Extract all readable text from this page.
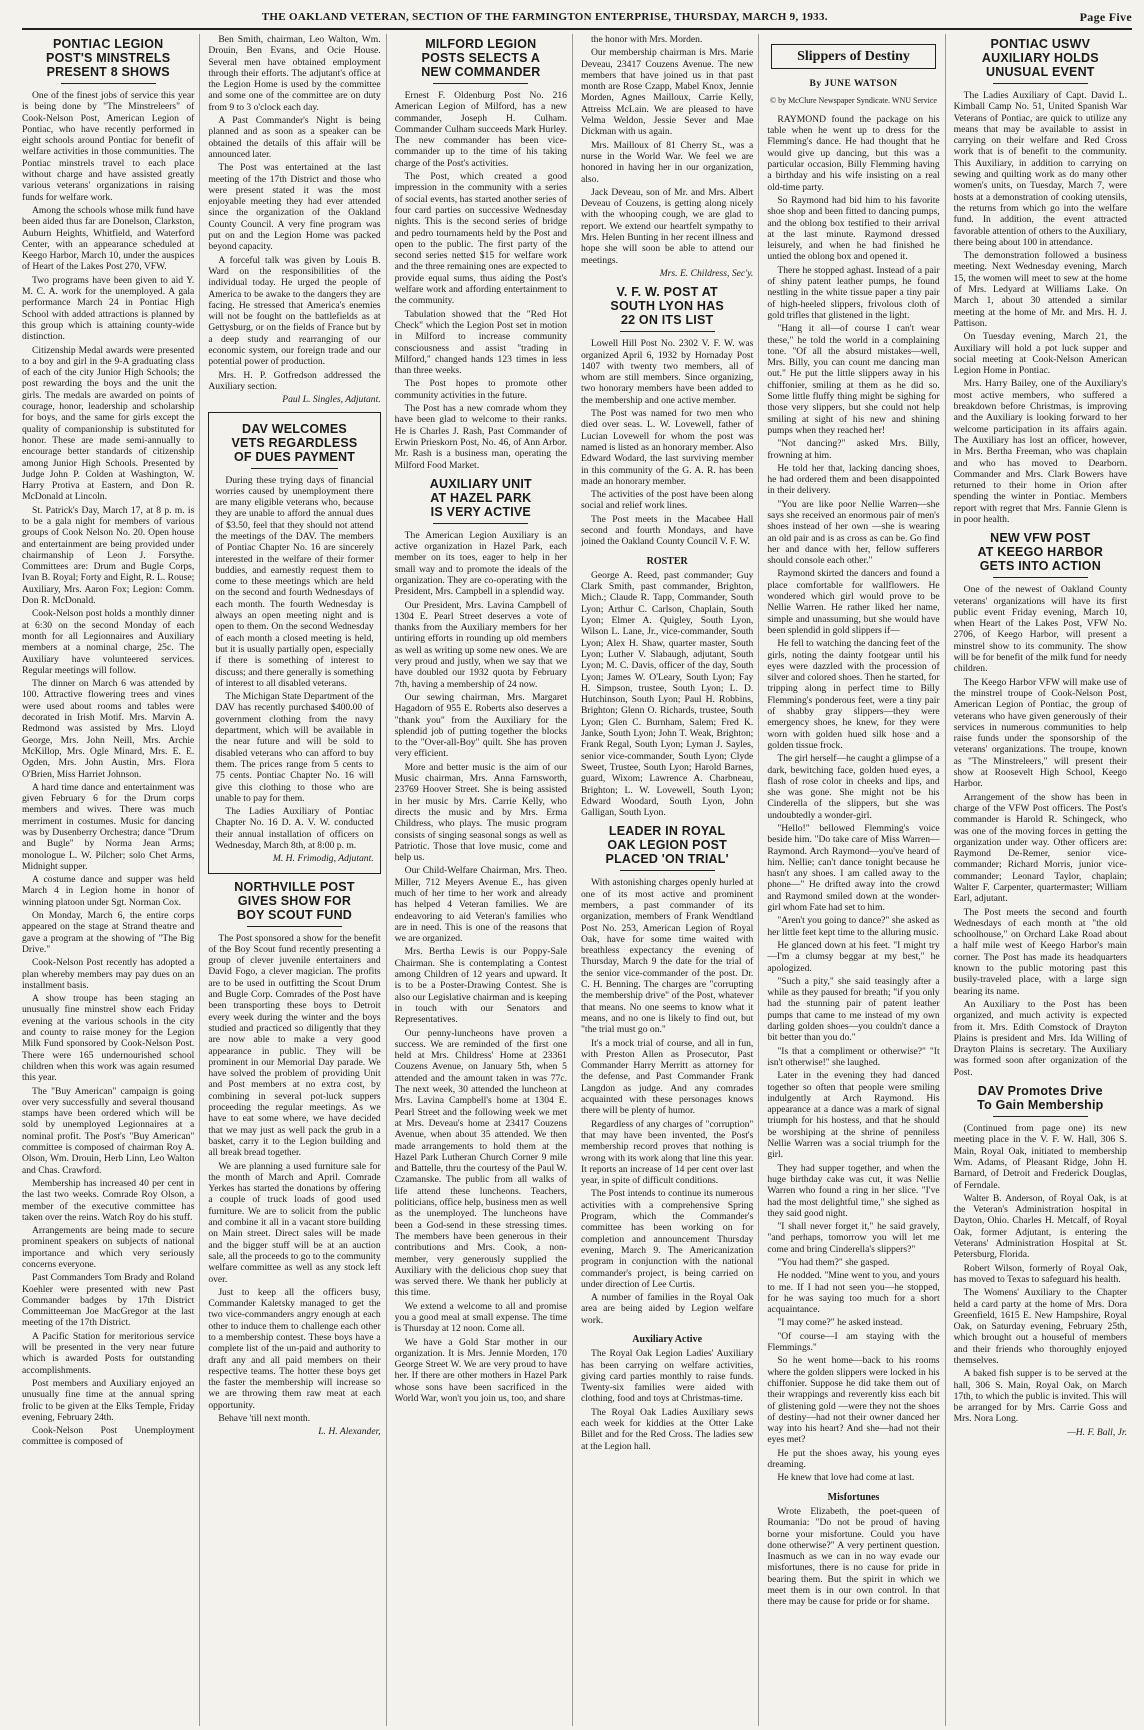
THE OAKLAND VETERAN, SECTION OF THE FARMINGTON ENTERPRISE, THURSDAY, MARCH 9, 1933.	Page Five
PONTIAC LEGION
POST'S MINSTRELS
PRESENT 8 SHOWS

One of the finest jobs of service this year is being done by "The Minstreleers" of Cook-Nelson Post, American Legion of Pontiac, who have recently performed in eight schools around Pontiac for benefit of welfare activities in those communities. The Pontiac minstrels travel to each place without charge and have assisted greatly various veterans' organizations in raising funds for welfare work.

Among the schools whose milk fund have been aided thus far are Donelson, Clarkston, Auburn Heights, Whitfield, and Waterford Center, with an appearance scheduled at Keego Harbor, March 10, under the auspices of Heart of the Lakes Post 270, VFW.

Two programs have been given to aid Y. M. C. A. work for the unemployed. A gala performance March 24 in Pontiac High School with added attractions is planned by this group which is attaining county-wide distinction.

Citizenship Medal awards were presented to a boy and girl in the 9-A graduating class of each of the city Junior High Schools; the post rewarding the boys and the unit the girls. The medals are awarded on points of courage, honor, leadership and scholarship for boys, and the same for girls except the quality of companionship is substituted for honor. These are made semi-annually to encourage better standards of citizenship among Junior High Schools. Presented by Judge John P. Colden at Washington, W. Harry Protiva at Eastern, and Don R. McDonald at Lincoln.

St. Patrick's Day, March 17, at 8 p. m. is to be a gala night for members of various groups of Cook Nelson No. 20. Open house and entertainment are being provided under chairmanship of Leon J. Forsythe. Committees are: Drum and Bugle Corps, Ivan B. Royal; Forty and Eight, R. L. Rouse; Auxiliary, Mrs. Aaron Fox; Legion: Comm. Don R. McDonald.

Cook-Nelson post holds a monthly dinner at 6:30 on the second Monday of each month for all Legionnaires and Auxiliary members at a nominal charge, 25c. The Auxiliary have volunteered services. Regular meetings will follow.

The dinner on March 6 was attended by 100. Attractive flowering trees and vines were used about rooms and tables were decorated in Irish Motif. Mrs. Marvin A. Redmond was assisted by Mrs. Lloyd George, Mrs. John Neill, Mrs. Archie McKillop, Mrs. Ogle Minard, Mrs. E. E. Ogden, Mrs. John Austin, Mrs. Flora O'Brien, Miss Harriet Johnson.

A hard time dance and entertainment was given February 6 for the Drum corps members and wives. There was much merriment in costumes. Music for dancing was by Dusenberry Orchestra; dance "Drum and Bugle" by Norma Jean Arms; monologue L. W. Pilcher; solo Chet Arms, Midnight supper.

A costume dance and supper was held March 4 in Legion home in honor of winning platoon under Sgt. Norman Cox.

On Monday, March 6, the entire corps appeared on the stage at Strand theatre and gave a program at the showing of "The Big Drive."

Cook-Nelson Post recently has adopted a plan whereby members may pay dues on an installment basis.

A show troupe has been staging an unusually fine minstrel show each Friday evening at the various schools in the city and county to raise money for the Legion Milk Fund sponsored by Cook-Nelson Post. There were 165 undernourished school children when this work was again resumed this year.

The "Buy American" campaign is going over very successfully and several thousand stamps have been ordered which will be sold by unemployed Legionnaires at a nominal profit. The Post's "Buy American" committee is composed of chairman Roy A. Olson, Wm. Drouin, Herb Linn, Leo Walton and Chas. Crawford.

Membership has increased 40 per cent in the last two weeks. Comrade Roy Olson, a member of the executive committee has taken over the reins. Watch Roy do his stuff.

Arrangements are being made to secure prominent speakers on subjects of national importance and which very seriously concerns everyone.

Past Commanders Tom Brady and Roland Koehler were presented with new Past Commander badges by 17th District Committeeman Joe MacGregor at the last meeting of the 17th District.

A Pacific Station for meritorious service will be presented in the very near future which is awarded Posts for outstanding accomplishments.

Post members and Auxiliary enjoyed an unusually fine time at the annual spring frolic to be given at the Elks Temple, Friday evening, February 24th.

Cook-Nelson Post Unemployment committee is composed of

Ben Smith, chairman, Leo Walton, Wm. Drouin, Ben Evans, and Ocie House. Several men have obtained employment through their efforts. The adjutant's office at the Legion Home is used by the committee and some one of the committee are on duty from 9 to 3 o'clock each day.

A Past Commander's Night is being planned and as soon as a speaker can be obtained the details of this affair will be announced later.

The Post was entertained at the last meeting of the 17th District and those who were present stated it was the most enjoyable meeting they had ever attended since the organization of the Oakland County Council. A very fine program was put on and the Legion Home was packed beyond capacity.

A forceful talk was given by Louis B. Ward on the responsibilities of the individual today. He urged the people of America to be awake to the dangers they are facing. He stressed that America's enemies will not be fought on the battlefields as at Gettysburg, or on the fields of France but by a deep study and rearranging of our economic system, our foreign trade and our potential power of production.

Mrs. H. P. Gotfredson addressed the Auxiliary section.

Paul L. Singles, Adjutant.
DAV WELCOMES
VETS REGARDLESS
OF DUES PAYMENT

During these trying days of financial worries caused by unemployment there are many eligible veterans who, because they are unable to afford the annual dues of $3.50, feel that they should not attend the meetings of the DAV. The members of Pontiac Chapter No. 16 are sincerely interested in the welfare of their former buddies, and earnestly request them to come to these meetings which are held on the second and fourth Wednesdays of each month. The fourth Wednesday is always an open meeting night and is open to them. On the second Wednesday of each month a closed meeting is held, but it is usually partially open, especially if there is something of interest to discuss; and there generally is something of interest to all disabled veterans.

The Michigan State Department of the DAV has recently purchased $400.00 of government clothing from the navy department, which will be available in the near future and will be sold to disabled veterans who can afford to buy them. The prices range from 5 cents to 75 cents. Pontiac Chapter No. 16 will give this clothing to those who are unable to pay for them.

The Ladies Auxiliary of Pontiac Chapter No. 16 D. A. V. W. conducted their annual installation of officers on Wednesday, March 8th, at 8:00 p. m.

M. H. Frimodig, Adjutant.
NORTHVILLE POST
GIVES SHOW FOR
BOY SCOUT FUND

The Post sponsored a show for the benefit of the Boy Scout fund recently presenting a group of clever juvenile entertainers and David Fogo, a clever magician. The profits are to be used in outfitting the Scout Drum and Bugle Corp. Comrades of the Post have been transporting these boys to Detroit every week during the winter and the boys studied and practiced so diligently that they are now able to make a very good appearance in public. They will be prominent in our Memorial Day parade. We have solved the problem of providing Unit and Post members at no extra cost, by combining in several pot-luck suppers proceeding the regular meetings. As we have to eat some where, we have decided that we may just as well pack the grub in a basket, carry it to the Legion building and all break bread together.

We are planning a used furniture sale for the month of March and April. Comrade Yerkes has started the donations by offering a couple of truck loads of good used furniture. We are to solicit from the public and combine it all in a vacant store building on Main street. Direct sales will be made and the bigger stuff will be at an auction sale, all the proceeds to go to the community welfare committee as well as any stock left over.

Just to keep all the officers busy, Commander Kaletsky managed to get the two vice-commanders angry enough at each other to induce them to challenge each other to a membership contest. These boys have a complete list of the un-paid and authority to draft any and all paid members on their respective teams. The hotter these boys get the faster the membership will increase so we are throwing them raw meat at each opportunity.

Behave 'till next month.

L. H. Alexander,
MILFORD LEGION
POSTS SELECTS A
NEW COMMANDER

Ernest F. Oldenburg Post No. 216 American Legion of Milford, has a new commander, Joseph H. Culham. Commander Culham succeeds Mark Hurley. The new commander has been vice-commander up to the time of his taking charge of the Post's activities.

The Post, which created a good impression in the community with a series of social events, has started another series of four card parties on successive Wednesday nights. This is the second series of bridge and pedro tournaments held by the Post and open to the public. The first party of the second series netted $15 for welfare work and the three remaining ones are expected to provide equal sums, thus aiding the Post's welfare work and affording entertainment to the community.

Tabulation showed that the "Red Hot Check" which the Legion Post set in motion in Milford to increase community consciousness and assist "trading in Milford," changed hands 123 times in less than three weeks.

The Post hopes to promote other community activities in the future.

The Post has a new comrade whom they have been glad to welcome to their ranks. He is Charles J. Rash, Past Commander of Erwin Prieskorn Post, No. 46, of Ann Arbor. Mr. Rash is a business man, operating the Milford Food Market.

AUXILIARY UNIT
AT HAZEL PARK
IS VERY ACTIVE

The American Legion Auxiliary is an active organization in Hazel Park, each member on its toes, eager to help in her small way and to promote the ideals of the organization. They are co-operating with the President, Mrs. Campbell in a splendid way.

Our President, Mrs. Lavina Campbell of 1304 E. Pearl Street deserves a vote of thanks from the Auxiliary members for her untiring efforts in rounding up old members as well as writing up some new ones. We are very proud and justly, when we say that we have doubled our 1932 quota by February 7th, having a membership of 24 now.

Our sewing chairman, Mrs. Margaret Hagadorn of 955 E. Roberts also deserves a "thank you" from the Auxiliary for the splendid job of putting together the blocks to the "Over-all-Boy" quilt. She has proven very efficient.

More and better music is the aim of our Music chairman, Mrs. Anna Farnsworth, 23769 Hoover Street. She is being assisted in her music by Mrs. Carrie Kelly, who directs the music and by Mrs. Erma Childress, who plays. The music program consists of singing seasonal songs as well as Patriotic. Those that love music, come and help us.

Our Child-Welfare Chairman, Mrs. Theo. Miller, 712 Meyers Avenue E., has given much of her time to her work and already has helped 4 Veteran families. We are endeavoring to aid Veteran's families who are in need. This is one of the reasons that we are organized.

Mrs. Bertha Lewis is our Poppy-Sale Chairman. She is contemplating a Contest among Children of 12 years and upward. It is to be a Poster-Drawing Contest. She is also our Legislative chairman and is keeping in touch with our Senators and Representatives.

Our penny-luncheons have proven a success. We are reminded of the first one held at Mrs. Childress' Home at 23361 Couzens Avenue, on January 5th, when 5 attended and the amount taken in was 77c. The next week, 30 attended the luncheon at Mrs. Lavina Campbell's home at 1304 E. Pearl Street and the following week we met at Mrs. Deveau's home at 23417 Couzens Avenue, when about 35 attended. We then made arrangements to hold them at the Hazel Park Lutheran Church Corner 9 mile and Battelle, thru the courtesy of the Paul W. Czamanske. The public from all walks of life attend these luncheons. Teachers, politicians, office help, business men as well as the unemployed. The luncheons have been a God-send in these stressing times. The members have been generous in their contributions and Mrs. Cook, a non-member, very generously supplied the Auxiliary with the delicious chop suey that was served there. We thank her publicly at this time.

We extend a welcome to all and promise you a good meal at small expense. The time is Thursday at 12 noon. Come all.

We have a Gold Star mother in our organization. It is Mrs. Jennie Morden, 170 George Street W. We are very proud to have her. If there are other mothers in Hazel Park whose sons have been sacrificed in the World War, won't you join us, too, and share

the honor with Mrs. Morden.

Our membership chairman is Mrs. Marie Deveau, 23417 Couzens Avenue. The new members that have joined us in that past month are Rose Czapp, Mabel Knox, Jennie Morden, Agnes Mailloux, Carrie Kelly, Attreiss McLain. We are pleased to have Velma Weldon, Jessie Sever and Mae Dickman with us again.

Mrs. Mailloux of 81 Cherry St., was a nurse in the World War. We feel we are honored in having her in our organization, also.

Jack Deveau, son of Mr. and Mrs. Albert Deveau of Couzens, is getting along nicely with the whooping cough, we are glad to report. We extend our heartfelt sympathy to Mrs. Helen Bunting in her recent illness and hope she will soon be able to attend our meetings.

Mrs. E. Childress, Sec'y.
V. F. W. POST AT
SOUTH LYON HAS
22 ON ITS LIST

Lowell Hill Post No. 2302 V. F. W. was organized April 6, 1932 by Hornaday Post 1407 with twenty two members, all of whom are still members. Since organizing, two honorary members have been added to the membership and one active member.

The Post was named for two men who died over seas. L. W. Lovewell, father of Lucian Lovewell for whom the post was named is listed as an honorary member. Also Edward Wodard, the last surviving member in this community of the G. A. R. has been made an honorary member.

The activities of the post have been along social and relief work lines.

The Post meets in the Macabee Hall second and fourth Mondays, and have joined the Oakland County Council V. F. W.

ROSTER

George A. Reed, past commander; Guy Clark Smith, past commander, Brighton, Mich.; Claude R. Tapp, Commander, South Lyon; Arthur C. Carlson, Chaplain, South Lyon; Elmer A. Quigley, South Lyon, Wilson L. Lane, Jr., vice-commander, South Lyon; Alex H. Shaw, quarter master, South Lyon; Luther V. Slabaugh, adjutant, South Lyon; M. C. Davis, officer of the day, South Lyon; James W. O'Leary, South Lyon; Fay H. Simpson, trustee, South Lyon; L. D. Hutchinson, South Lyon; Paul H. Robbins, Brighton; Glenn O. Richards, trustee, South Lyon; Glen C. Burnham, Salem; Fred K. Janke, South Lyon; John T. Weak, Brighton; Frank Regal, South Lyon; Lyman J. Sayles, senior vice-commander, South Lyon; Clyde Sweet, Trustee, South Lyon; Harold Barnes, guard, Wixom; Lawrence A. Charbneau, Brighton; L. W. Lovewell, South Lyon; Edward Woodard, South Lyon, John Galligan, South Lyon.

LEADER IN ROYAL
OAK LEGION POST
PLACED 'ON TRIAL'

With astonishing charges openly hurled at one of its most active and prominent members, a past commander of its organization, members of Frank Wendtland Post No. 253, American Legion of Royal Oak, have for some time waited with breathless expectancy the evening of Thursday, March 9 the date for the trial of the senior vice-commander of the post. Dr. C. H. Benning. The charges are "corrupting the membership drive" of the Post, whatever that means. No one seems to know what it means, and no one is likely to find out, but "the trial must go on."

It's a mock trial of course, and all in fun, with Preston Allen as Prosecutor, Past Commander Harry Merritt as attorney for the defense, and Past Commander Frank Langdon as judge. And any comrades acquainted with these personages knows there will be plenty of humor.

Regardless of any charges of "corruption" that may have been invented, the Post's membership record proves that nothing is wrong with its work along that line this year. It reports an increase of 14 per cent over last year, in spite of difficult conditions.

The Post intends to continue its numerous activities with a comprehensive Spring Program, which the Commander's committee has been working on for completion and announcement Thursday evening, March 9. The Americanization program in conjunction with the national commander's project, is being carried on under direction of Lee Curtis.

A number of families in the Royal Oak area are being aided by Legion welfare work.

Auxiliary Active

The Royal Oak Legion Ladies' Auxiliary has been carrying on welfare activities, giving card parties monthly to raise funds. Twenty-six families were aided with clothing, food and toys at Christmas-time.

The Royal Oak Ladies Auxiliary sews each week for kiddies at the Otter Lake Billet and for the Red Cross. The ladies sew at the Legion hall.

Slippers of Destiny
By JUNE WATSON
© by McClure Newspaper Syndicate. WNU Service

RAYMOND found the package on his table when he went up to dress for the Flemming's dance. He had thought that he would give up dancing, but this was a particular occasion, Billy Flemming having a birthday and his wife insisting on a real old-time party.

So Raymond had bid him to his favorite shoe shop and been fitted to dancing pumps, and the oblong box testified to their arrival at the last minute. Raymond dressed leisurely, and when he had finished he untied the oblong box and opened it.

There he stopped aghast. Instead of a pair of shiny patent leather pumps, he found nestling in the white tissue paper a tiny pair of high-heeled slippers, frivolous cloth of gold trifles that glistened in the light.

"Hang it all—of course I can't wear these," he told the world in a complaining tone. "Of all the absurd mistakes—well, Mrs. Billy, you can count me dancing man out." He put the little slippers away in his chiffonier, smiling at them as he did so. Some little fluffy thing might be sighing for those very slippers, but she could not help smiling at sight of his new and shining pumps when they reached her!

"Not dancing?" asked Mrs. Billy, frowning at him.

He told her that, lacking dancing shoes, he had ordered them and been disappointed in their delivery.

"You are like poor Nellie Warren—she says she received an enormous pair of men's shoes instead of her own —she is wearing an old pair and is as cross as can be. Go find her and dance with her, fellow sufferers should console each other."

Raymond skirted the dancers and found a place comfortable for wallflowers. He wondered which girl would prove to be Nellie Warren. He rather liked her name, simple and unassuming, but she would have been splendid in gold slippers if—

He fell to watching the dancing feet of the girls, noting the dainty footgear until his eyes were dazzled with the procession of silver and colored shoes. Then he started, for tripping along in perfect time to Billy Flemming's ponderous feet, were a tiny pair of shabby gray slippers—they were emergency shoes, he knew, for they were worn with golden hued silk hose and a golden tissue frock.

The girl herself—he caught a glimpse of a dark, bewitching face, golden hued eyes, a flash of rose color in cheeks and lips, and she was gone. She might not be his Cinderella of the slippers, but she was undoubtedly a wonder-girl.

"Hello!" bellowed Flemming's voice beside him. "Do take care of Miss Warren—Raymond. Arch Raymond—you've heard of him. Nellie; can't dance tonight because he hasn't any shoes. I am called away to the phone—" He drifted away into the crowd and Raymond smiled down at the wonder-girl whom Fate had set to him.

"Aren't you going to dance?" she asked as her little feet kept time to the alluring music.

He glanced down at his feet. "I might try—I'm a clumsy beggar at my best," he apologized.

"Such a pity," she said teasingly after a while as they paused for breath; "if you only had the stunning pair of patent leather pumps that came to me instead of my own darling golden shoes—you couldn't dance a bit better than you do."

"Is that a compliment or otherwise?" "It isn't otherwise!" she laughed.

Later in the evening they had danced together so often that people were smiling indulgently at Arch Raymond. His appearance at a dance was a mark of signal triumph for his hostess, and that he should be worshiping at the shrine of penniless Nellie Warren was a social triumph for the girl.

They had supper together, and when the huge birthday cake was cut, it was Nellie Warren who found a ring in her slice. "I've had the most delightful time," she sighed as they said good night.

"I shall never forget it," he said gravely, "and perhaps, tomorrow you will let me come and bring Cinderella's slippers?"

"You had them?" she gasped.

He nodded. "Mine went to you, and yours to me. If I had not seen you—he stopped, for he was saying too much for a short acquaintance.

"I may come?" he asked instead.

"Of course—I am staying with the Flemmings."

So he went home—back to his rooms where the golden slippers were locked in his chiffonier. Suppose he did take them out of their wrappings and reverently kiss each bit of glistening gold —were they not the shoes of destiny—had not their owner danced her way into his heart? And she—had not their eyes met?

He put the shoes away, his young eyes dreaming.

He knew that love had come at last.

Misfortunes

Wrote Elizabeth, the poet-queen of Roumania: "Do not be proud of having borne your misfortune. Could you have done otherwise?" A very pertinent question. Inasmuch as we can in no way evade our misfortunes, there is no cause for pride in bearing them. But the spirit in which we meet them is in our own control. In that there may be cause for pride or for shame.

PONTIAC USWV
AUXILIARY HOLDS
UNUSUAL EVENT

The Ladies Auxiliary of Capt. David L. Kimball Camp No. 51, United Spanish War Veterans of Pontiac, are quick to utilize any means that may be available to assist in carrying on their welfare and Red Cross work that is of benefit to the community. This Auxiliary, in addition to carrying on sewing and quilting work as do many other women's units, on Tuesday, March 7, were hosts at a demonstration of cooking utensils, the returns from which go into the welfare fund. In addition, the event attracted favorable attention of others to the Auxiliary, there being about 100 in attendance.

The demonstration followed a business meeting. Next Wednesday evening, March 15, the women will meet to sew at the home of Mrs. Ledyard at Williams Lake. On March 1, about 30 attended a similar meeting at the home of Mr. and Mrs. H. J. Pattison.

On Tuesday evening, March 21, the Auxiliary will hold a pot luck supper and social meeting at Cook-Nelson American Legion Home in Pontiac.

Mrs. Harry Bailey, one of the Auxiliary's most active members, who suffered a breakdown before Christmas, is improving and the Auxiliary is looking forward to her welcome participation in its affairs again. The Auxiliary has lost an officer, however, in Mrs. Bertha Freeman, who was chaplain and who has moved to Dearborn. Commander and Mrs. Clark Bowers have returned to their home in Orion after spending the winter in Pontiac. Members report with regret that Mrs. Fannie Glenn is in poor health.

NEW VFW POST
AT KEEGO HARBOR
GETS INTO ACTION

One of the newest of Oakland County veterans' organizations will have its first public event Friday evening, March 10, when Heart of the Lakes Post, VFW No. 2706, of Keego Harbor, will present a minstrel show to its community. The show will be for benefit of the milk fund for needy children.

The Keego Harbor VFW will make use of the minstrel troupe of Cook-Nelson Post, American Legion of Pontiac, the group of veterans who have given generously of their services in numerous communities to help raise funds under the sponsorship of the veterans' organizations. The troupe, known as "The Minstreleers," will present their show at Roosevelt High School, Keego Harbor.

Arrangement of the show has been in charge of the VFW Post officers. The Post's commander is Harold R. Schingeck, who was one of the moving forces in getting the organization under way. Other officers are: Raymond De-Remer, senior vice-commander; Richard Morris, junior vice-commander; Leonard Taylor, chaplain; Walter F. Carpenter, quartermaster; William Earl, adjutant.

The Post meets the second and fourth Wednesdays of each month at "the old schoolhouse," on Orchard Lake Road about a half mile west of Keego Harbor's main corner. The Post has made its headquarters known to the public motoring past this busily-traveled place, with a large sign bearing its name.

An Auxiliary to the Post has been organized, and much activity is expected from it. Mrs. Edith Comstock of Drayton Plains is president and Mrs. Ida Willing of Drayton Plains is secretary. The Auxiliary was formed soon after organization of the Post.

DAV Promotes Drive
To Gain Membership

(Continued from page one) its new meeting place in the V. F. W. Hall, 306 S. Main, Royal Oak, initiated to membership Wm. Adams, of Pleasant Ridge, John H. Barnard, of Detroit and Frederick Douglas, of Ferndale.

Walter B. Anderson, of Royal Oak, is at the Veteran's Administration hospital in Dayton, Ohio. Charles H. Metcalf, of Royal Oak, former Adjutant, is entering the Veterans' Administration Hospital at St. Petersburg, Florida.

Robert Wilson, formerly of Royal Oak, has moved to Texas to safeguard his health.

The Womens' Auxiliary to the Chapter held a card party at the home of Mrs. Dora Greenfield, 1615 E. New Hampshire, Royal Oak, on Saturday evening, February 25th, which brought out a houseful of members and their friends who thoroughly enjoyed themselves.

A baked fish supper is to be served at the hall, 306 S. Main, Royal Oak, on March 17th, to which the public is invited. This will be arranged for by Mrs. Carrie Goss and Mrs. Nora Long.

—H. F. Ball, Jr.
